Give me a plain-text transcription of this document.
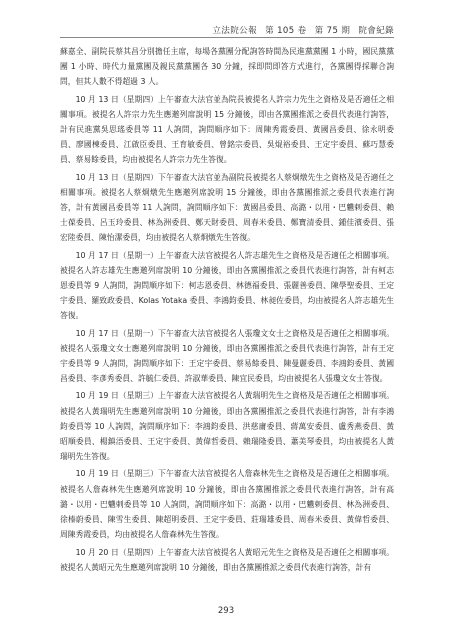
立法院公報 第 105 卷 第 75 期 院會紀錄

蘇嘉全、副院長蔡其昌分別擔任主席，每場各黨團分配詢答時間為民進黨黨團 1 小時，國民黨黨團 1 小時、時代力量黨團及親民黨黨團各 30 分鐘，採即問即答方式進行，各黨團得採聯合詢問，但其人數不得超過 3 人。

10 月 13 日（星期四）上午審查大法官並為院長被提名人許宗力先生之資格及是否適任之相關事項。被提名人許宗力先生應邀列席說明 15 分鐘後，即由各黨團推派之委員代表進行詢答，計有民進黨吳思瑤委員等 11 人詢問，詢問順序如下：周陳秀霞委員、黃國昌委員、徐永明委員、廖國棟委員、江啟臣委員、王育敏委員、曾銘宗委員、吳焜裕委員、王定宇委員、蘇巧慧委員、蔡易餘委員，均由被提名人許宗力先生答復。

10 月 13 日（星期四）下午審查大法官並為副院長被提名人蔡烱燉先生之資格及是否適任之相關事項。被提名人蔡烱燉先生應邀列席說明 15 分鐘後，即由各黨團推派之委員代表進行詢答，計有黃國昌委員等 11 人詢問，詢問順序如下：黃國昌委員、高潞・以用・巴魕剌委員、賴士葆委員、呂玉玲委員、林為洲委員、鄭天財委員、周春米委員、鄭寶清委員、鍾佳濱委員、張宏陸委員、陳怡潔委員，均由被提名人蔡烱燉先生答復。

10 月 17 日（星期一）上午審查大法官被提名人許志雄先生之資格及是否適任之相關事項。被提名人許志雄先生應邀列席說明 10 分鐘後，即由各黨團推派之委員代表進行詢答，計有柯志恩委員等 9 人詢問，詢問順序如下：柯志恩委員、林德福委員、張麗善委員、陳學聖委員、王定宇委員、羅致政委員、Kolas Yotaka 委員、李鴻鈞委員、林昶佐委員，均由被提名人許志雄先生答復。

10 月 17 日（星期一）下午審查大法官被提名人張瓊文女士之資格及是否適任之相關事項。被提名人張瓊文女士應邀列席說明 10 分鐘後，即由各黨團推派之委員代表進行詢答，計有王定宇委員等 9 人詢問，詢問順序如下：王定宇委員、蔡易餘委員、陳曼麗委員、李鴻鈞委員、黃國昌委員、李彥秀委員、許毓仁委員、許淑華委員、陳宜民委員，均由被提名人張瓊文女士答復。

10 月 19 日（星期三）上午審查大法官被提名人黃瑞明先生之資格及是否適任之相關事項。被提名人黃瑞明先生應邀列席說明 10 分鐘後，即由各黨團推派之委員代表進行詢答，計有李鴻鈞委員等 10 人詢問，詢問順序如下：李鴻鈞委員、洪慈庸委員、蔣萬安委員、盧秀燕委員、黃昭順委員、楊鎮浯委員、王定宇委員、黃偉哲委員、賴瑞隆委員、蕭美琴委員，均由被提名人黃瑞明先生答復。

10 月 19 日（星期三）下午審查大法官被提名人詹森林先生之資格及是否適任之相關事項。被提名人詹森林先生應邀列席說明 10 分鐘後，即由各黨團推派之委員代表進行詢答，計有高潞・以用・巴魕剌委員等 10 人詢問，詢問順序如下：高潞・以用・巴魕剌委員、林為洲委員、徐榛蔚委員、陳雪生委員、陳超明委員、王定宇委員、莊瑞雄委員、周春米委員、黃偉哲委員、周陳秀霞委員，均由被提名人詹森林先生答復。

10 月 20 日（星期四）上午審查大法官被提名人黃昭元先生之資格及是否適任之相關事項。被提名人黃昭元先生應邀列席說明 10 分鐘後，即由各黨團推派之委員代表進行詢答，計有

293
